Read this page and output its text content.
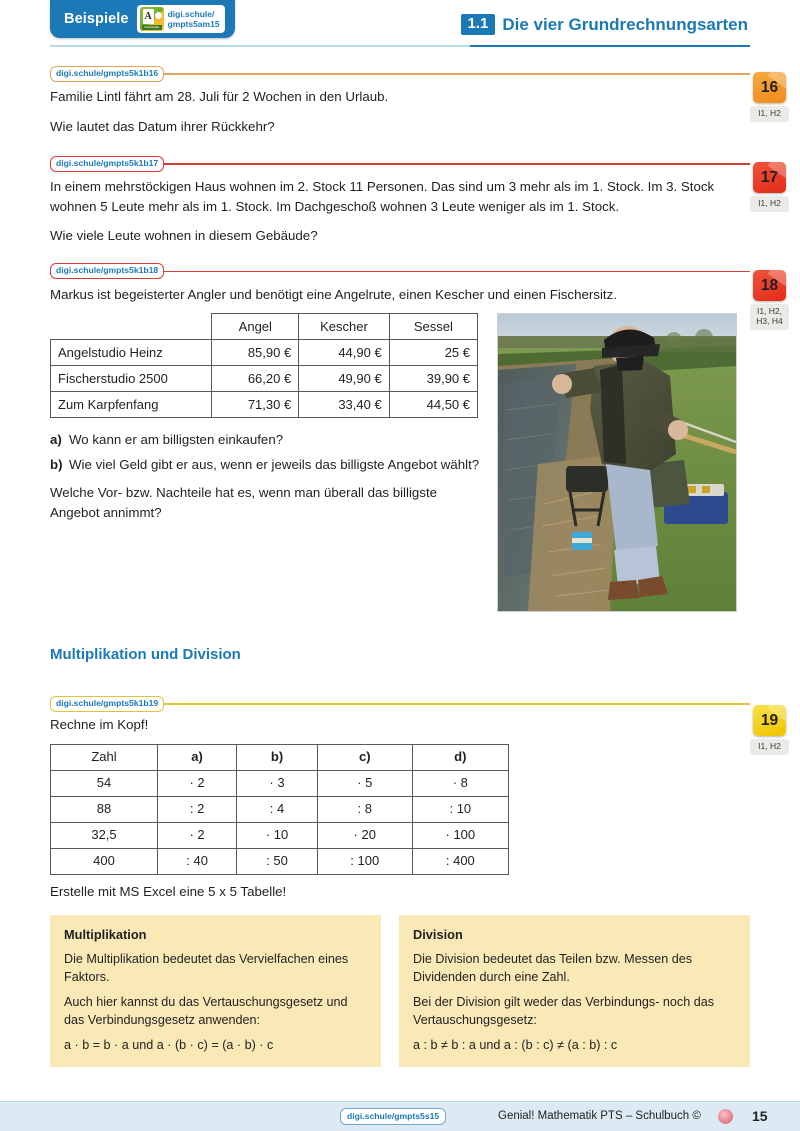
Beispiele A
Arbeitsblatt
digi.schule/
gmpts5am15	1.1 Die vier Grundrechnungsarten
digi.schule/gmpts5k1b16
16
I1, H2

Familie Lintl fährt am 28. Juli für 2 Wochen in den Urlaub.

Wie lautet das Datum ihrer Rückkehr?

digi.schule/gmpts5k1b17
17
I1, H2

In einem mehrstöckigen Haus wohnen im 2. Stock 11 Personen. Das sind um 3 mehr als im 1. Stock. Im 3. Stock wohnen 5 Leute mehr als im 1. Stock. Im Dachgeschoß wohnen 3 Leute weniger als im 1. Stock.

Wie viele Leute wohnen in diesem Gebäude?

digi.schule/gmpts5k1b18
18
I1, H2,
H3, H4

Markus ist begeisterter Angler und benötigt eine Angelrute, einen Kescher und einen Fischersitz.

	Angel	Kescher	Sessel
Angelstudio Heinz	85,90 €	44,90 €	25 €
Fischerstudio 2500	66,20 €	49,90 €	39,90 €
Zum Karpfenfang	71,30 €	33,40 €	44,50 €
a) Wo kann er am billigsten einkaufen?
b) Wie viel Geld gibt er aus, wenn er jeweils das billigste Angebot wählt?

Welche Vor- bzw. Nachteile hat es, wenn man überall das billigste Angebot annimmt?

Multiplikation und Division
digi.schule/gmpts5k1b19
19
I1, H2

Rechne im Kopf!

Zahl	a)	b)	c)	d)
54	· 2	· 3	· 5	· 8
88	: 2	: 4	: 8	: 10
32,5	· 2	· 10	· 20	· 100
400	: 40	: 50	: 100	: 400

Erstelle mit MS Excel eine 5 x 5 Tabelle!

Multiplikation

Die Multiplikation bedeutet das Vervielfachen eines Faktors.

Auch hier kannst du das Vertauschungsgesetz und das Verbindungsgesetz anwenden:

a · b = b · a und a · (b · c) = (a · b) · c

Division

Die Division bedeutet das Teilen bzw. Messen des Dividenden durch eine Zahl.

Bei der Division gilt weder das Verbindungs- noch das Vertauschungsgesetz:

a : b ≠ b : a und a : (b : c) ≠ (a : b) : c

digi.schule/gmpts5s15	Genial! Mathematik PTS – Schulbuch ©	15
